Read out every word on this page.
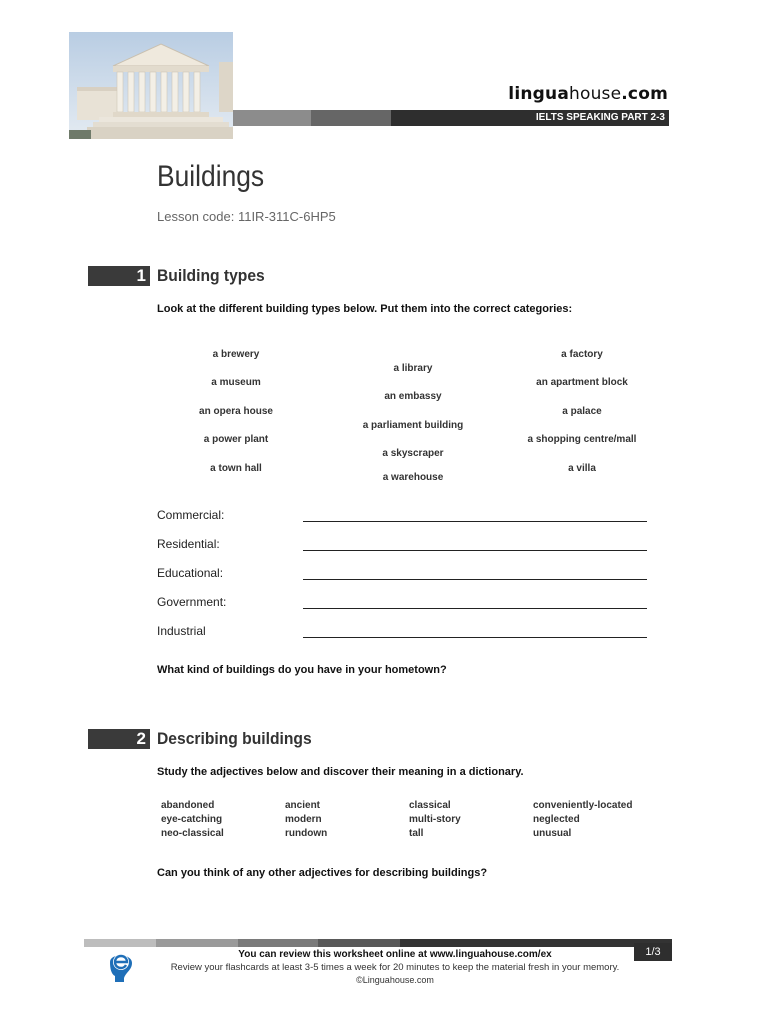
linguahouse.com
IELTS SPEAKING PART 2-3
Buildings
Lesson code: 11IR-311C-6HP5
1 Building types
Look at the different building types below. Put them into the correct categories:
a brewery
a museum
an opera house
a power plant
a town hall
a library
an embassy
a parliament building
a skyscraper
a warehouse
a factory
an apartment block
a palace
a shopping centre/mall
a villa
Commercial:
Residential:
Educational:
Government:
Industrial
What kind of buildings do you have in your hometown?
2 Describing buildings
Study the adjectives below and discover their meaning in a dictionary.
abandoned	ancient	classical	conveniently-located
eye-catching	modern	multi-story	neglected
neo-classical	rundown	tall	unusual
Can you think of any other adjectives for describing buildings?
1/3
You can review this worksheet online at www.linguahouse.com/ex
Review your flashcards at least 3-5 times a week for 20 minutes to keep the material fresh in your memory.
©Linguahouse.com
